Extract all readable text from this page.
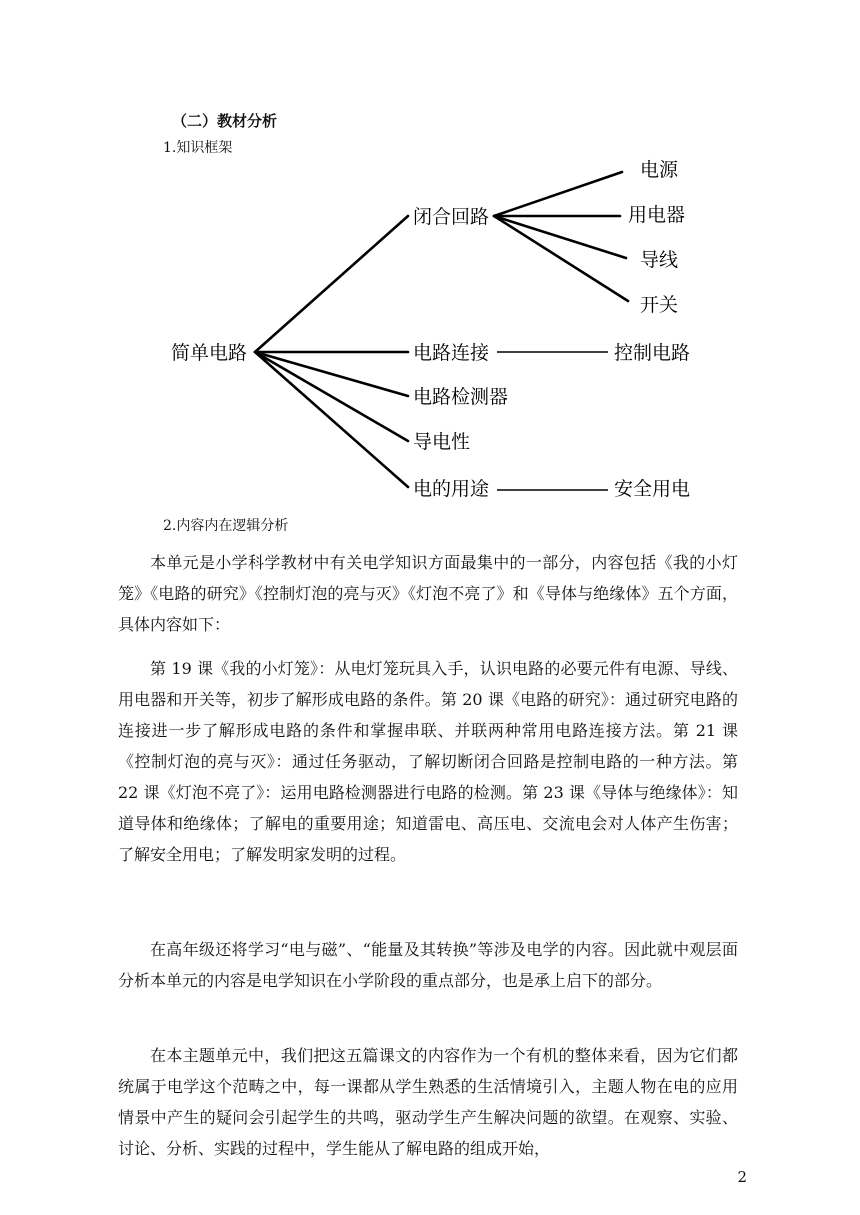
（二）教材分析
1.知识框架
简单电路
闭合回路
电路连接
电路检测器
导电性
电的用途
电源
用电器
导线
开关
控制电路
安全用电
2.内容内在逻辑分析

本单元是小学科学教材中有关电学知识方面最集中的一部分，内容包括《我的小灯笼》《电路的研究》《控制灯泡的亮与灭》《灯泡不亮了》和《导体与绝缘体》五个方面，具体内容如下：

第 19 课《我的小灯笼》：从电灯笼玩具入手，认识电路的必要元件有电源、导线、用电器和开关等，初步了解形成电路的条件。第 20 课《电路的研究》：通过研究电路的连接进一步了解形成电路的条件和掌握串联、并联两种常用电路连接方法。第 21 课《控制灯泡的亮与灭》：通过任务驱动，了解切断闭合回路是控制电路的一种方法。第 22 课《灯泡不亮了》：运用电路检测器进行电路的检测。第 23 课《导体与绝缘体》：知道导体和绝缘体；了解电的重要用途；知道雷电、高压电、交流电会对人体产生伤害；了解安全用电；了解发明家发明的过程。

在高年级还将学习“电与磁”、“能量及其转换”等涉及电学的内容。因此就中观层面分析本单元的内容是电学知识在小学阶段的重点部分，也是承上启下的部分。

在本主题单元中，我们把这五篇课文的内容作为一个有机的整体来看，因为它们都统属于电学这个范畴之中，每一课都从学生熟悉的生活情境引入，主题人物在电的应用情景中产生的疑问会引起学生的共鸣，驱动学生产生解决问题的欲望。在观察、实验、讨论、分析、实践的过程中，学生能从了解电路的组成开始，

2
